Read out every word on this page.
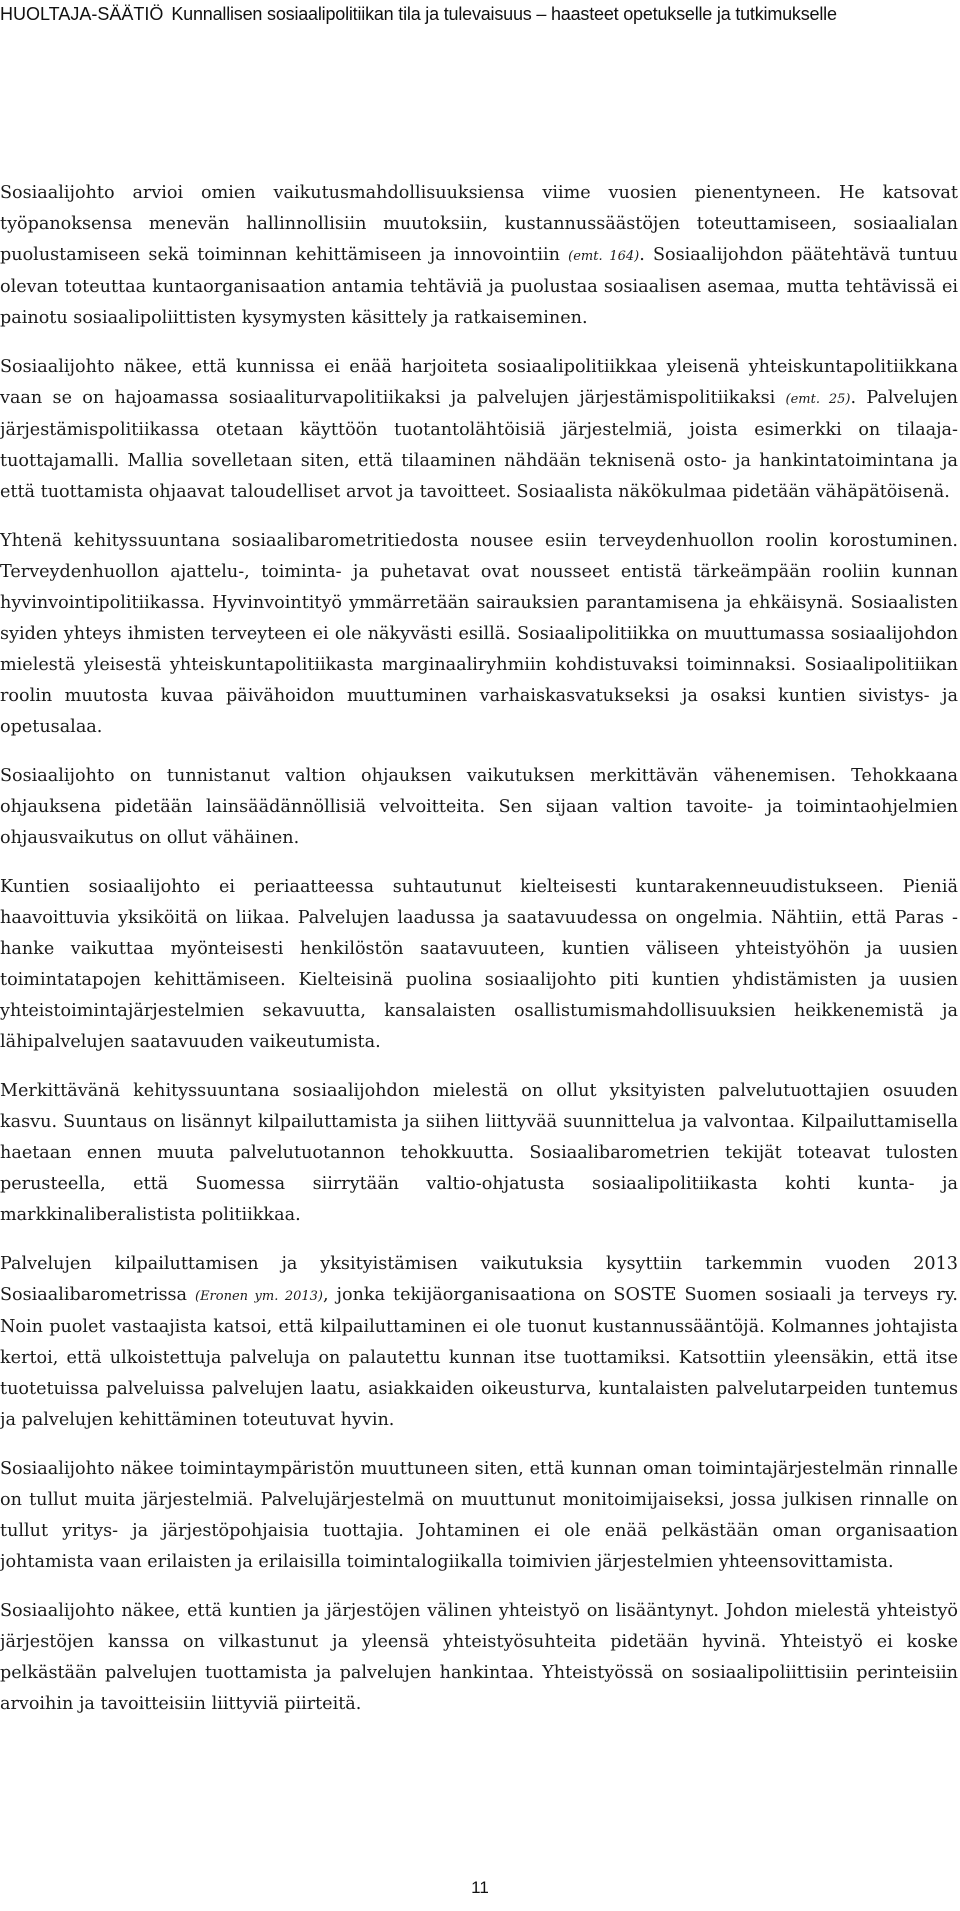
HUOLTAJA-SÄÄTIÖ Kunnallisen sosiaalipolitiikan tila ja tulevaisuus – haasteet opetukselle ja tutkimukselle

Sosiaalijohto arvioi omien vaikutusmahdollisuuksiensa viime vuosien pienentyneen. He katsovat työpanoksensa menevän hallinnollisiin muutoksiin, kustannussäästöjen toteuttamiseen, sosiaalialan puolustamiseen sekä toiminnan kehittämiseen ja innovointiin (emt. 164). Sosiaalijohdon päätehtävä tuntuu olevan toteuttaa kuntaorganisaation antamia tehtäviä ja puolustaa sosiaalisen asemaa, mutta tehtävissä ei painotu sosiaalipoliittisten kysymysten käsittely ja ratkaiseminen.

Sosiaalijohto näkee, että kunnissa ei enää harjoiteta sosiaalipolitiikkaa yleisenä yhteiskuntapolitiikkana vaan se on hajoamassa sosiaaliturvapolitiikaksi ja palvelujen järjestämispolitiikaksi (emt. 25). Palvelujen järjestämispolitiikassa otetaan käyttöön tuotantolähtöisiä järjestelmiä, joista esimerkki on tilaaja-tuottajamalli. Mallia sovelletaan siten, että tilaaminen nähdään teknisenä osto- ja hankintatoimintana ja että tuottamista ohjaavat taloudelliset arvot ja tavoitteet. Sosiaalista näkökulmaa pidetään vähäpätöisenä.

Yhtenä kehityssuuntana sosiaalibarometritiedosta nousee esiin terveydenhuollon roolin korostuminen. Terveydenhuollon ajattelu-, toiminta- ja puhetavat ovat nousseet entistä tärkeämpään rooliin kunnan hyvinvointipolitiikassa. Hyvinvointityö ymmärretään sairauksien parantamisena ja ehkäisynä. Sosiaalisten syiden yhteys ihmisten terveyteen ei ole näkyvästi esillä. Sosiaalipolitiikka on muuttumassa sosiaalijohdon mielestä yleisestä yhteiskuntapolitiikasta marginaaliryhmiin kohdistuvaksi toiminnaksi. Sosiaalipolitiikan roolin muutosta kuvaa päivähoidon muuttuminen varhaiskasvatukseksi ja osaksi kuntien sivistys- ja opetusalaa.

Sosiaalijohto on tunnistanut valtion ohjauksen vaikutuksen merkittävän vähenemisen. Tehokkaana ohjauksena pidetään lainsäädännöllisiä velvoitteita. Sen sijaan valtion tavoite- ja toimintaohjelmien ohjausvaikutus on ollut vähäinen.

Kuntien sosiaalijohto ei periaatteessa suhtautunut kielteisesti kuntarakenneuudistukseen. Pieniä haavoittuvia yksiköitä on liikaa. Palvelujen laadussa ja saatavuudessa on ongelmia. Nähtiin, että Paras -hanke vaikuttaa myönteisesti henkilöstön saatavuuteen, kuntien väliseen yhteistyöhön ja uusien toimintatapojen kehittämiseen. Kielteisinä puolina sosiaalijohto piti kuntien yhdistämisten ja uusien yhteistoimintajärjestelmien sekavuutta, kansalaisten osallistumismahdollisuuksien heikkenemistä ja lähipalvelujen saatavuuden vaikeutumista.

Merkittävänä kehityssuuntana sosiaalijohdon mielestä on ollut yksityisten palvelutuottajien osuuden kasvu. Suuntaus on lisännyt kilpailuttamista ja siihen liittyvää suunnittelua ja valvontaa. Kilpailuttamisella haetaan ennen muuta palvelutuotannon tehokkuutta. Sosiaalibarometrien tekijät toteavat tulosten perusteella, että Suomessa siirrytään valtio-ohjatusta sosiaalipolitiikasta kohti kunta- ja markkinaliberalistista politiikkaa.

Palvelujen kilpailuttamisen ja yksityistämisen vaikutuksia kysyttiin tarkemmin vuoden 2013 Sosiaalibarometrissa (Eronen ym. 2013), jonka tekijäorganisaationa on SOSTE Suomen sosiaali ja terveys ry. Noin puolet vastaajista katsoi, että kilpailuttaminen ei ole tuonut kustannussääntöjä. Kolmannes johtajista kertoi, että ulkoistettuja palveluja on palautettu kunnan itse tuottamiksi. Katsottiin yleensäkin, että itse tuotetuissa palveluissa palvelujen laatu, asiakkaiden oikeusturva, kuntalaisten palvelutarpeiden tuntemus ja palvelujen kehittäminen toteutuvat hyvin.

Sosiaalijohto näkee toimintaympäristön muuttuneen siten, että kunnan oman toimintajärjestelmän rinnalle on tullut muita järjestelmiä. Palvelujärjestelmä on muuttunut monitoimijaiseksi, jossa julkisen rinnalle on tullut yritys- ja järjestöpohjaisia tuottajia. Johtaminen ei ole enää pelkästään oman organisaation johtamista vaan erilaisten ja erilaisilla toimintalogiikalla toimivien järjestelmien yhteensovittamista.

Sosiaalijohto näkee, että kuntien ja järjestöjen välinen yhteistyö on lisääntynyt. Johdon mielestä yhteistyö järjestöjen kanssa on vilkastunut ja yleensä yhteistyösuhteita pidetään hyvinä. Yhteistyö ei koske pelkästään palvelujen tuottamista ja palvelujen hankintaa. Yhteistyössä on sosiaalipoliittisiin perinteisiin arvoihin ja tavoitteisiin liittyviä piirteitä.

11
